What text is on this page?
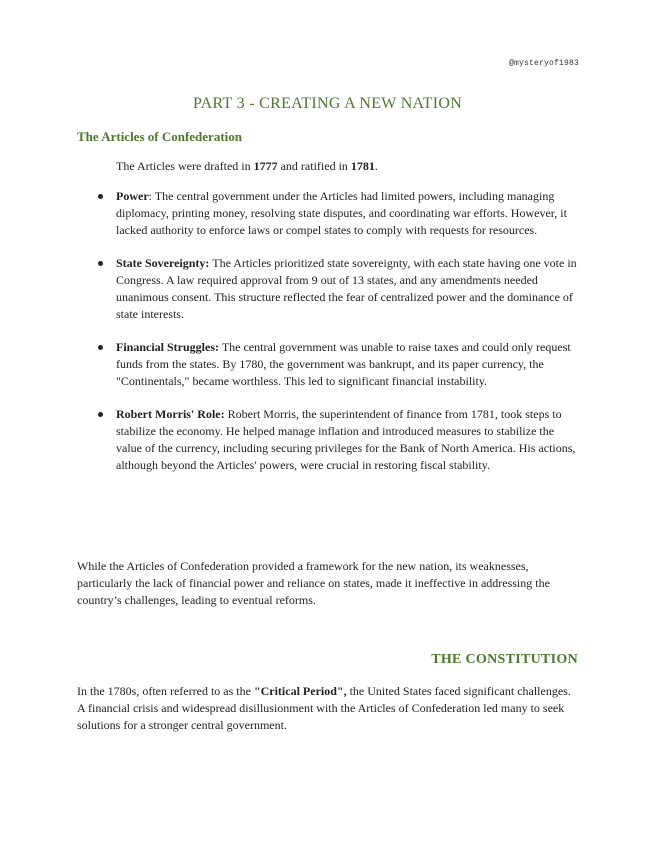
@mysteryof1983
PART 3 - CREATING A NEW NATION
The Articles of Confederation
The Articles were drafted in 1777 and ratified in 1781.
Power: The central government under the Articles had limited powers, including managing diplomacy, printing money, resolving state disputes, and coordinating war efforts. However, it lacked authority to enforce laws or compel states to comply with requests for resources.
State Sovereignty: The Articles prioritized state sovereignty, with each state having one vote in Congress. A law required approval from 9 out of 13 states, and any amendments needed unanimous consent. This structure reflected the fear of centralized power and the dominance of state interests.
Financial Struggles: The central government was unable to raise taxes and could only request funds from the states. By 1780, the government was bankrupt, and its paper currency, the "Continentals," became worthless. This led to significant financial instability.
Robert Morris' Role: Robert Morris, the superintendent of finance from 1781, took steps to stabilize the economy. He helped manage inflation and introduced measures to stabilize the value of the currency, including securing privileges for the Bank of North America. His actions, although beyond the Articles' powers, were crucial in restoring fiscal stability.
While the Articles of Confederation provided a framework for the new nation, its weaknesses, particularly the lack of financial power and reliance on states, made it ineffective in addressing the country’s challenges, leading to eventual reforms.
THE CONSTITUTION
In the 1780s, often referred to as the "Critical Period", the United States faced significant challenges. A financial crisis and widespread disillusionment with the Articles of Confederation led many to seek solutions for a stronger central government.
